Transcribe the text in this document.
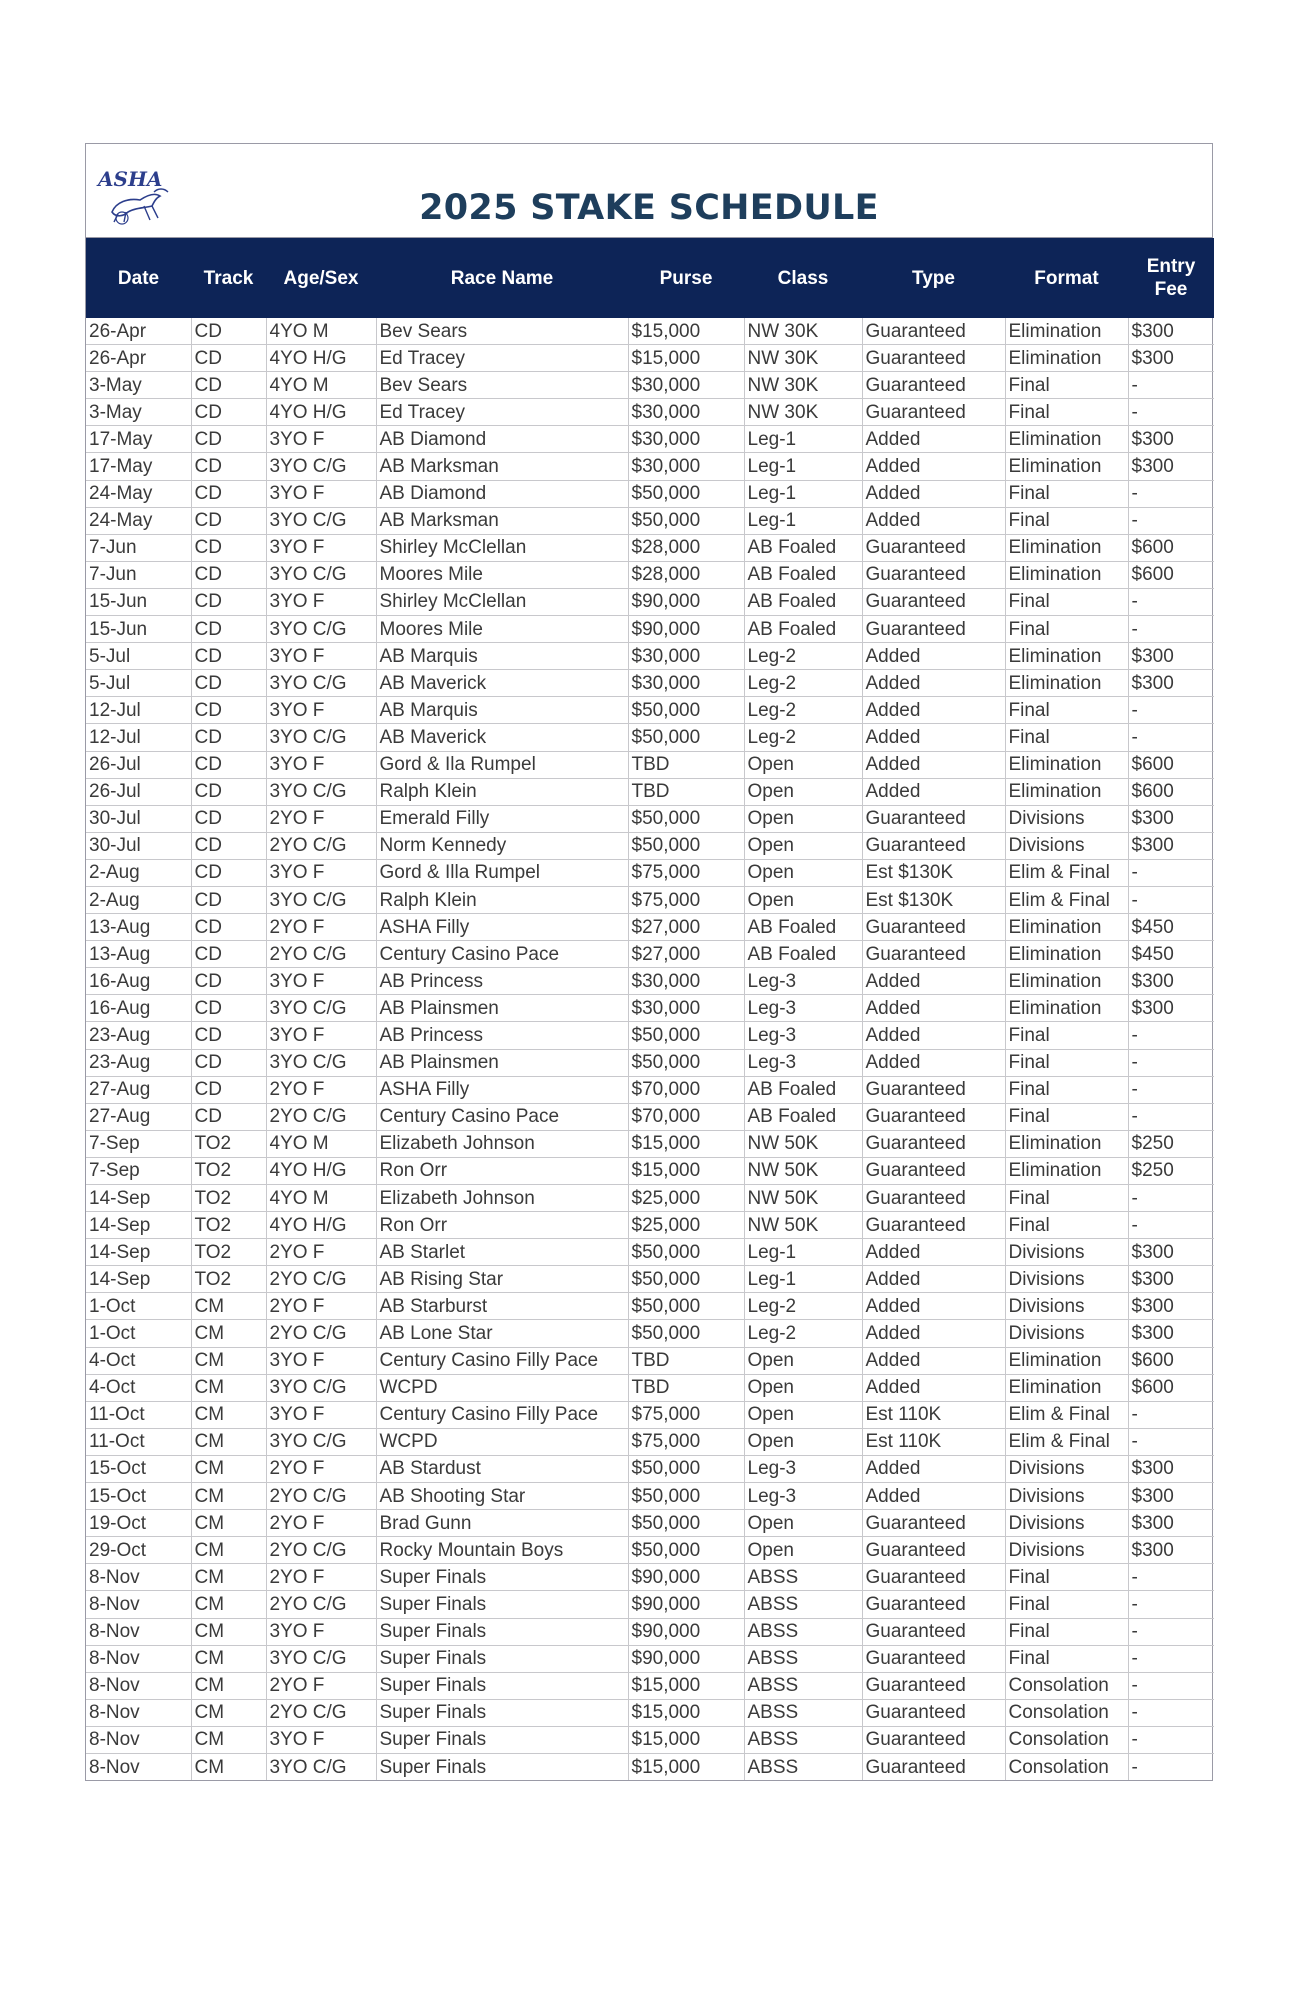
ASHA
2025 STAKE SCHEDULE
Date	Track	Age/Sex	Race Name	Purse	Class	Type	Format	Entry Fee
26-Apr	CD	4YO M	Bev Sears	$15,000	NW 30K	Guaranteed	Elimination	$300
26-Apr	CD	4YO H/G	Ed Tracey	$15,000	NW 30K	Guaranteed	Elimination	$300
3-May	CD	4YO M	Bev Sears	$30,000	NW 30K	Guaranteed	Final	-
3-May	CD	4YO H/G	Ed Tracey	$30,000	NW 30K	Guaranteed	Final	-
17-May	CD	3YO F	AB Diamond	$30,000	Leg-1	Added	Elimination	$300
17-May	CD	3YO C/G	AB Marksman	$30,000	Leg-1	Added	Elimination	$300
24-May	CD	3YO F	AB Diamond	$50,000	Leg-1	Added	Final	-
24-May	CD	3YO C/G	AB Marksman	$50,000	Leg-1	Added	Final	-
7-Jun	CD	3YO F	Shirley McClellan	$28,000	AB Foaled	Guaranteed	Elimination	$600
7-Jun	CD	3YO C/G	Moores Mile	$28,000	AB Foaled	Guaranteed	Elimination	$600
15-Jun	CD	3YO F	Shirley McClellan	$90,000	AB Foaled	Guaranteed	Final	-
15-Jun	CD	3YO C/G	Moores Mile	$90,000	AB Foaled	Guaranteed	Final	-
5-Jul	CD	3YO F	AB Marquis	$30,000	Leg-2	Added	Elimination	$300
5-Jul	CD	3YO C/G	AB Maverick	$30,000	Leg-2	Added	Elimination	$300
12-Jul	CD	3YO F	AB Marquis	$50,000	Leg-2	Added	Final	-
12-Jul	CD	3YO C/G	AB Maverick	$50,000	Leg-2	Added	Final	-
26-Jul	CD	3YO F	Gord & Ila Rumpel	TBD	Open	Added	Elimination	$600
26-Jul	CD	3YO C/G	Ralph Klein	TBD	Open	Added	Elimination	$600
30-Jul	CD	2YO F	Emerald Filly	$50,000	Open	Guaranteed	Divisions	$300
30-Jul	CD	2YO C/G	Norm Kennedy	$50,000	Open	Guaranteed	Divisions	$300
2-Aug	CD	3YO F	Gord & Illa Rumpel	$75,000	Open	Est $130K	Elim & Final	-
2-Aug	CD	3YO C/G	Ralph Klein	$75,000	Open	Est $130K	Elim & Final	-
13-Aug	CD	2YO F	ASHA Filly	$27,000	AB Foaled	Guaranteed	Elimination	$450
13-Aug	CD	2YO C/G	Century Casino Pace	$27,000	AB Foaled	Guaranteed	Elimination	$450
16-Aug	CD	3YO F	AB Princess	$30,000	Leg-3	Added	Elimination	$300
16-Aug	CD	3YO C/G	AB Plainsmen	$30,000	Leg-3	Added	Elimination	$300
23-Aug	CD	3YO F	AB Princess	$50,000	Leg-3	Added	Final	-
23-Aug	CD	3YO C/G	AB Plainsmen	$50,000	Leg-3	Added	Final	-
27-Aug	CD	2YO F	ASHA Filly	$70,000	AB Foaled	Guaranteed	Final	-
27-Aug	CD	2YO C/G	Century Casino Pace	$70,000	AB Foaled	Guaranteed	Final	-
7-Sep	TO2	4YO M	Elizabeth Johnson	$15,000	NW 50K	Guaranteed	Elimination	$250
7-Sep	TO2	4YO H/G	Ron Orr	$15,000	NW 50K	Guaranteed	Elimination	$250
14-Sep	TO2	4YO M	Elizabeth Johnson	$25,000	NW 50K	Guaranteed	Final	-
14-Sep	TO2	4YO H/G	Ron Orr	$25,000	NW 50K	Guaranteed	Final	-
14-Sep	TO2	2YO F	AB Starlet	$50,000	Leg-1	Added	Divisions	$300
14-Sep	TO2	2YO C/G	AB Rising Star	$50,000	Leg-1	Added	Divisions	$300
1-Oct	CM	2YO F	AB Starburst	$50,000	Leg-2	Added	Divisions	$300
1-Oct	CM	2YO C/G	AB Lone Star	$50,000	Leg-2	Added	Divisions	$300
4-Oct	CM	3YO F	Century Casino Filly Pace	TBD	Open	Added	Elimination	$600
4-Oct	CM	3YO C/G	WCPD	TBD	Open	Added	Elimination	$600
11-Oct	CM	3YO F	Century Casino Filly Pace	$75,000	Open	Est 110K	Elim & Final	-
11-Oct	CM	3YO C/G	WCPD	$75,000	Open	Est 110K	Elim & Final	-
15-Oct	CM	2YO F	AB Stardust	$50,000	Leg-3	Added	Divisions	$300
15-Oct	CM	2YO C/G	AB Shooting Star	$50,000	Leg-3	Added	Divisions	$300
19-Oct	CM	2YO F	Brad Gunn	$50,000	Open	Guaranteed	Divisions	$300
29-Oct	CM	2YO C/G	Rocky Mountain Boys	$50,000	Open	Guaranteed	Divisions	$300
8-Nov	CM	2YO F	Super Finals	$90,000	ABSS	Guaranteed	Final	-
8-Nov	CM	2YO C/G	Super Finals	$90,000	ABSS	Guaranteed	Final	-
8-Nov	CM	3YO F	Super Finals	$90,000	ABSS	Guaranteed	Final	-
8-Nov	CM	3YO C/G	Super Finals	$90,000	ABSS	Guaranteed	Final	-
8-Nov	CM	2YO F	Super Finals	$15,000	ABSS	Guaranteed	Consolation	-
8-Nov	CM	2YO C/G	Super Finals	$15,000	ABSS	Guaranteed	Consolation	-
8-Nov	CM	3YO F	Super Finals	$15,000	ABSS	Guaranteed	Consolation	-
8-Nov	CM	3YO C/G	Super Finals	$15,000	ABSS	Guaranteed	Consolation	-
